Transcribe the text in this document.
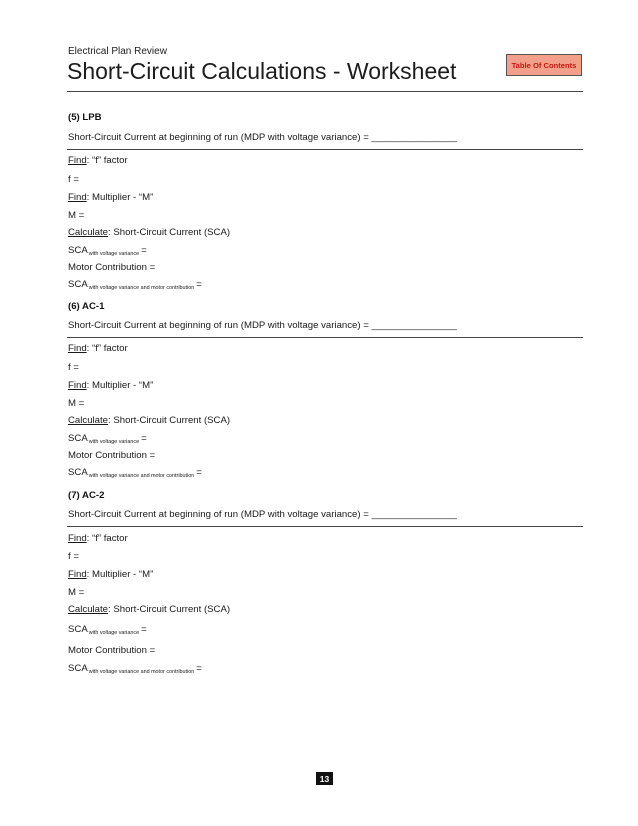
Electrical Plan Review
Short-Circuit Calculations - Worksheet	Table Of Contents
(5) LPB
Short-Circuit Current at beginning of run (MDP with voltage variance) = ________________
Find: “f” factor
f =
Find: Multiplier - “M”
M =
Calculate: Short-Circuit Current (SCA)
SCAwith voltage variance =
Motor Contribution =
SCAwith voltage variance and motor contribution =
(6) AC-1
Short-Circuit Current at beginning of run (MDP with voltage variance) = ________________
Find: “f” factor
f =
Find: Multiplier - “M”
M =
Calculate: Short-Circuit Current (SCA)
SCAwith voltage variance =
Motor Contribution =
SCAwith voltage variance and motor contribution =
(7) AC-2
Short-Circuit Current at beginning of run (MDP with voltage variance) = ________________
Find: “f” factor
f =
Find: Multiplier - “M”
M =
Calculate: Short-Circuit Current (SCA)
SCAwith voltage variance =
Motor Contribution =
SCAwith voltage variance and motor contribution =
13
